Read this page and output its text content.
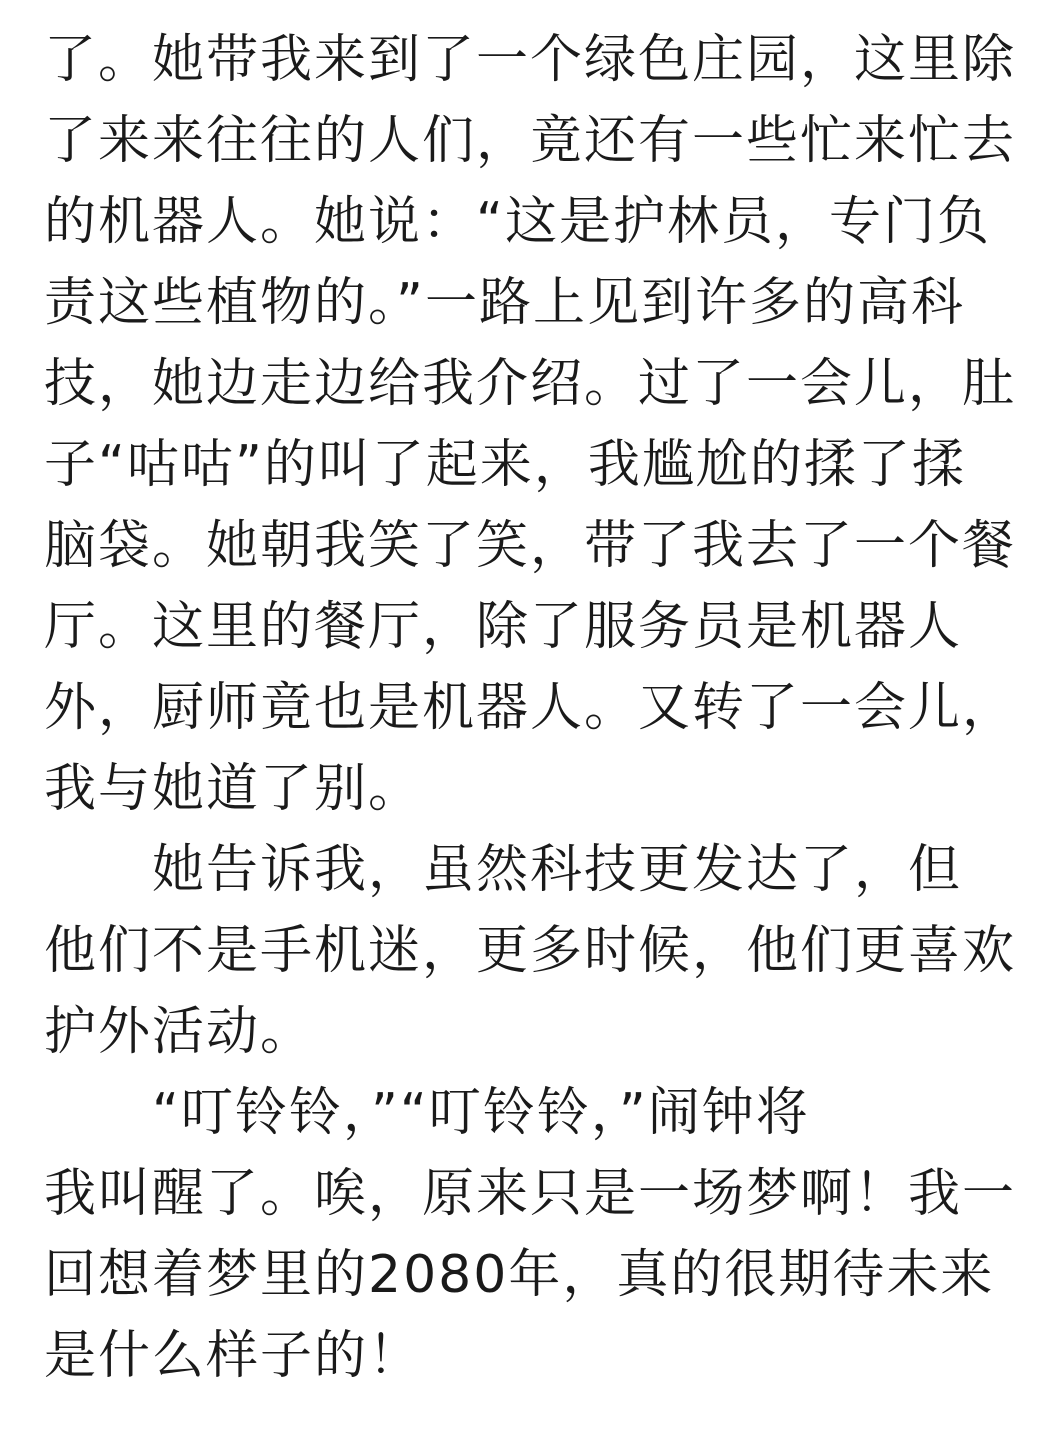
了。她带我来到了一个绿色庄园，这里除
了来来往往的人们，竟还有一些忙来忙去
的机器人。她说：“这是护林员，专门负
责这些植物的。”一路上见到许多的高科
技，她边走边给我介绍。过了一会儿，肚
子“咕咕”的叫了起来，我尴尬的揉了揉
脑袋。她朝我笑了笑，带了我去了一个餐
厅。这里的餐厅，除了服务员是机器人
外，厨师竟也是机器人。又转了一会儿，
我与她道了别。
　　她告诉我，虽然科技更发达了，但
他们不是手机迷，更多时候，他们更喜欢
护外活动。
　　“叮铃铃，”“叮铃铃，”闹钟将
我叫醒了。唉，原来只是一场梦啊！我一
回想着梦里的2080年，真的很期待未来
是什么样子的！
